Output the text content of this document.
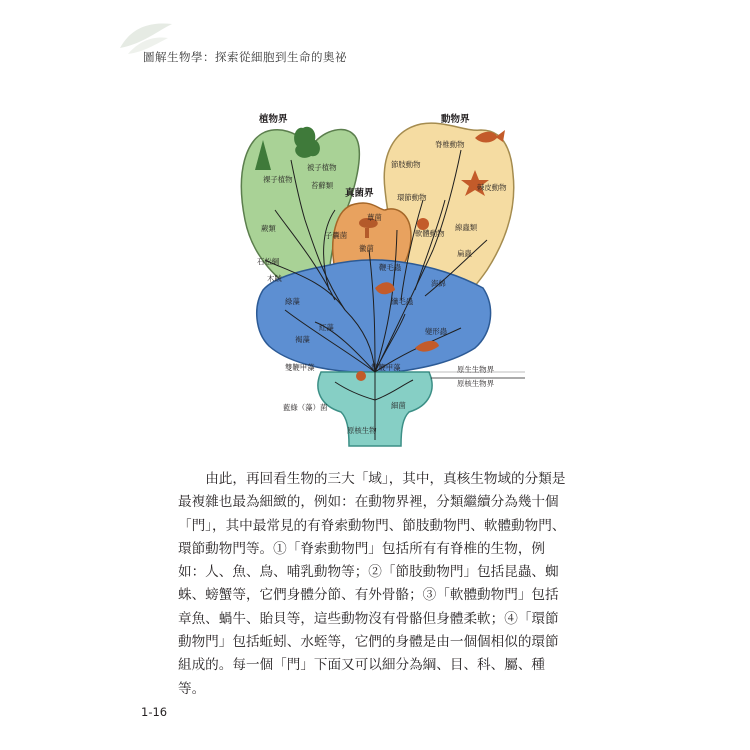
圖解生物學：探索從細胞到生命的奧祕
植物界	動物界
真菌界
被子植物
裸子植物
苔蘚類
蕨類
石松綱
木賊
脊椎動物
節肢動物
棘皮動物
環節動物
軟體動物
線蟲類
扁蟲
海綿
蕈菌
子囊菌
黴菌
鞭毛蟲
纖毛蟲
變形蟲
綠藻
紅藻
褐藻
雙鞭甲藻	雙鞭甲藻	原生生物界
原核生物界
藍綠（藻）菌	細菌
原核生物

由此，再回看生物的三大「域」，其中，真核生物域的分類是最複雜也最為細緻的，例如：在動物界裡，分類繼續分為幾十個「門」，其中最常見的有脊索動物門、節肢動物門、軟體動物門、環節動物門等。①「脊索動物門」包括所有有脊椎的生物，例如：人、魚、鳥、哺乳動物等；②「節肢動物門」包括昆蟲、蜘蛛、螃蟹等，它們身體分節、有外骨骼；③「軟體動物門」包括章魚、蝸牛、貽貝等，這些動物沒有骨骼但身體柔軟；④「環節動物門」包括蚯蚓、水蛭等，它們的身體是由一個個相似的環節組成的。每一個「門」下面又可以細分為綱、目、科、屬、種等。

1-16
